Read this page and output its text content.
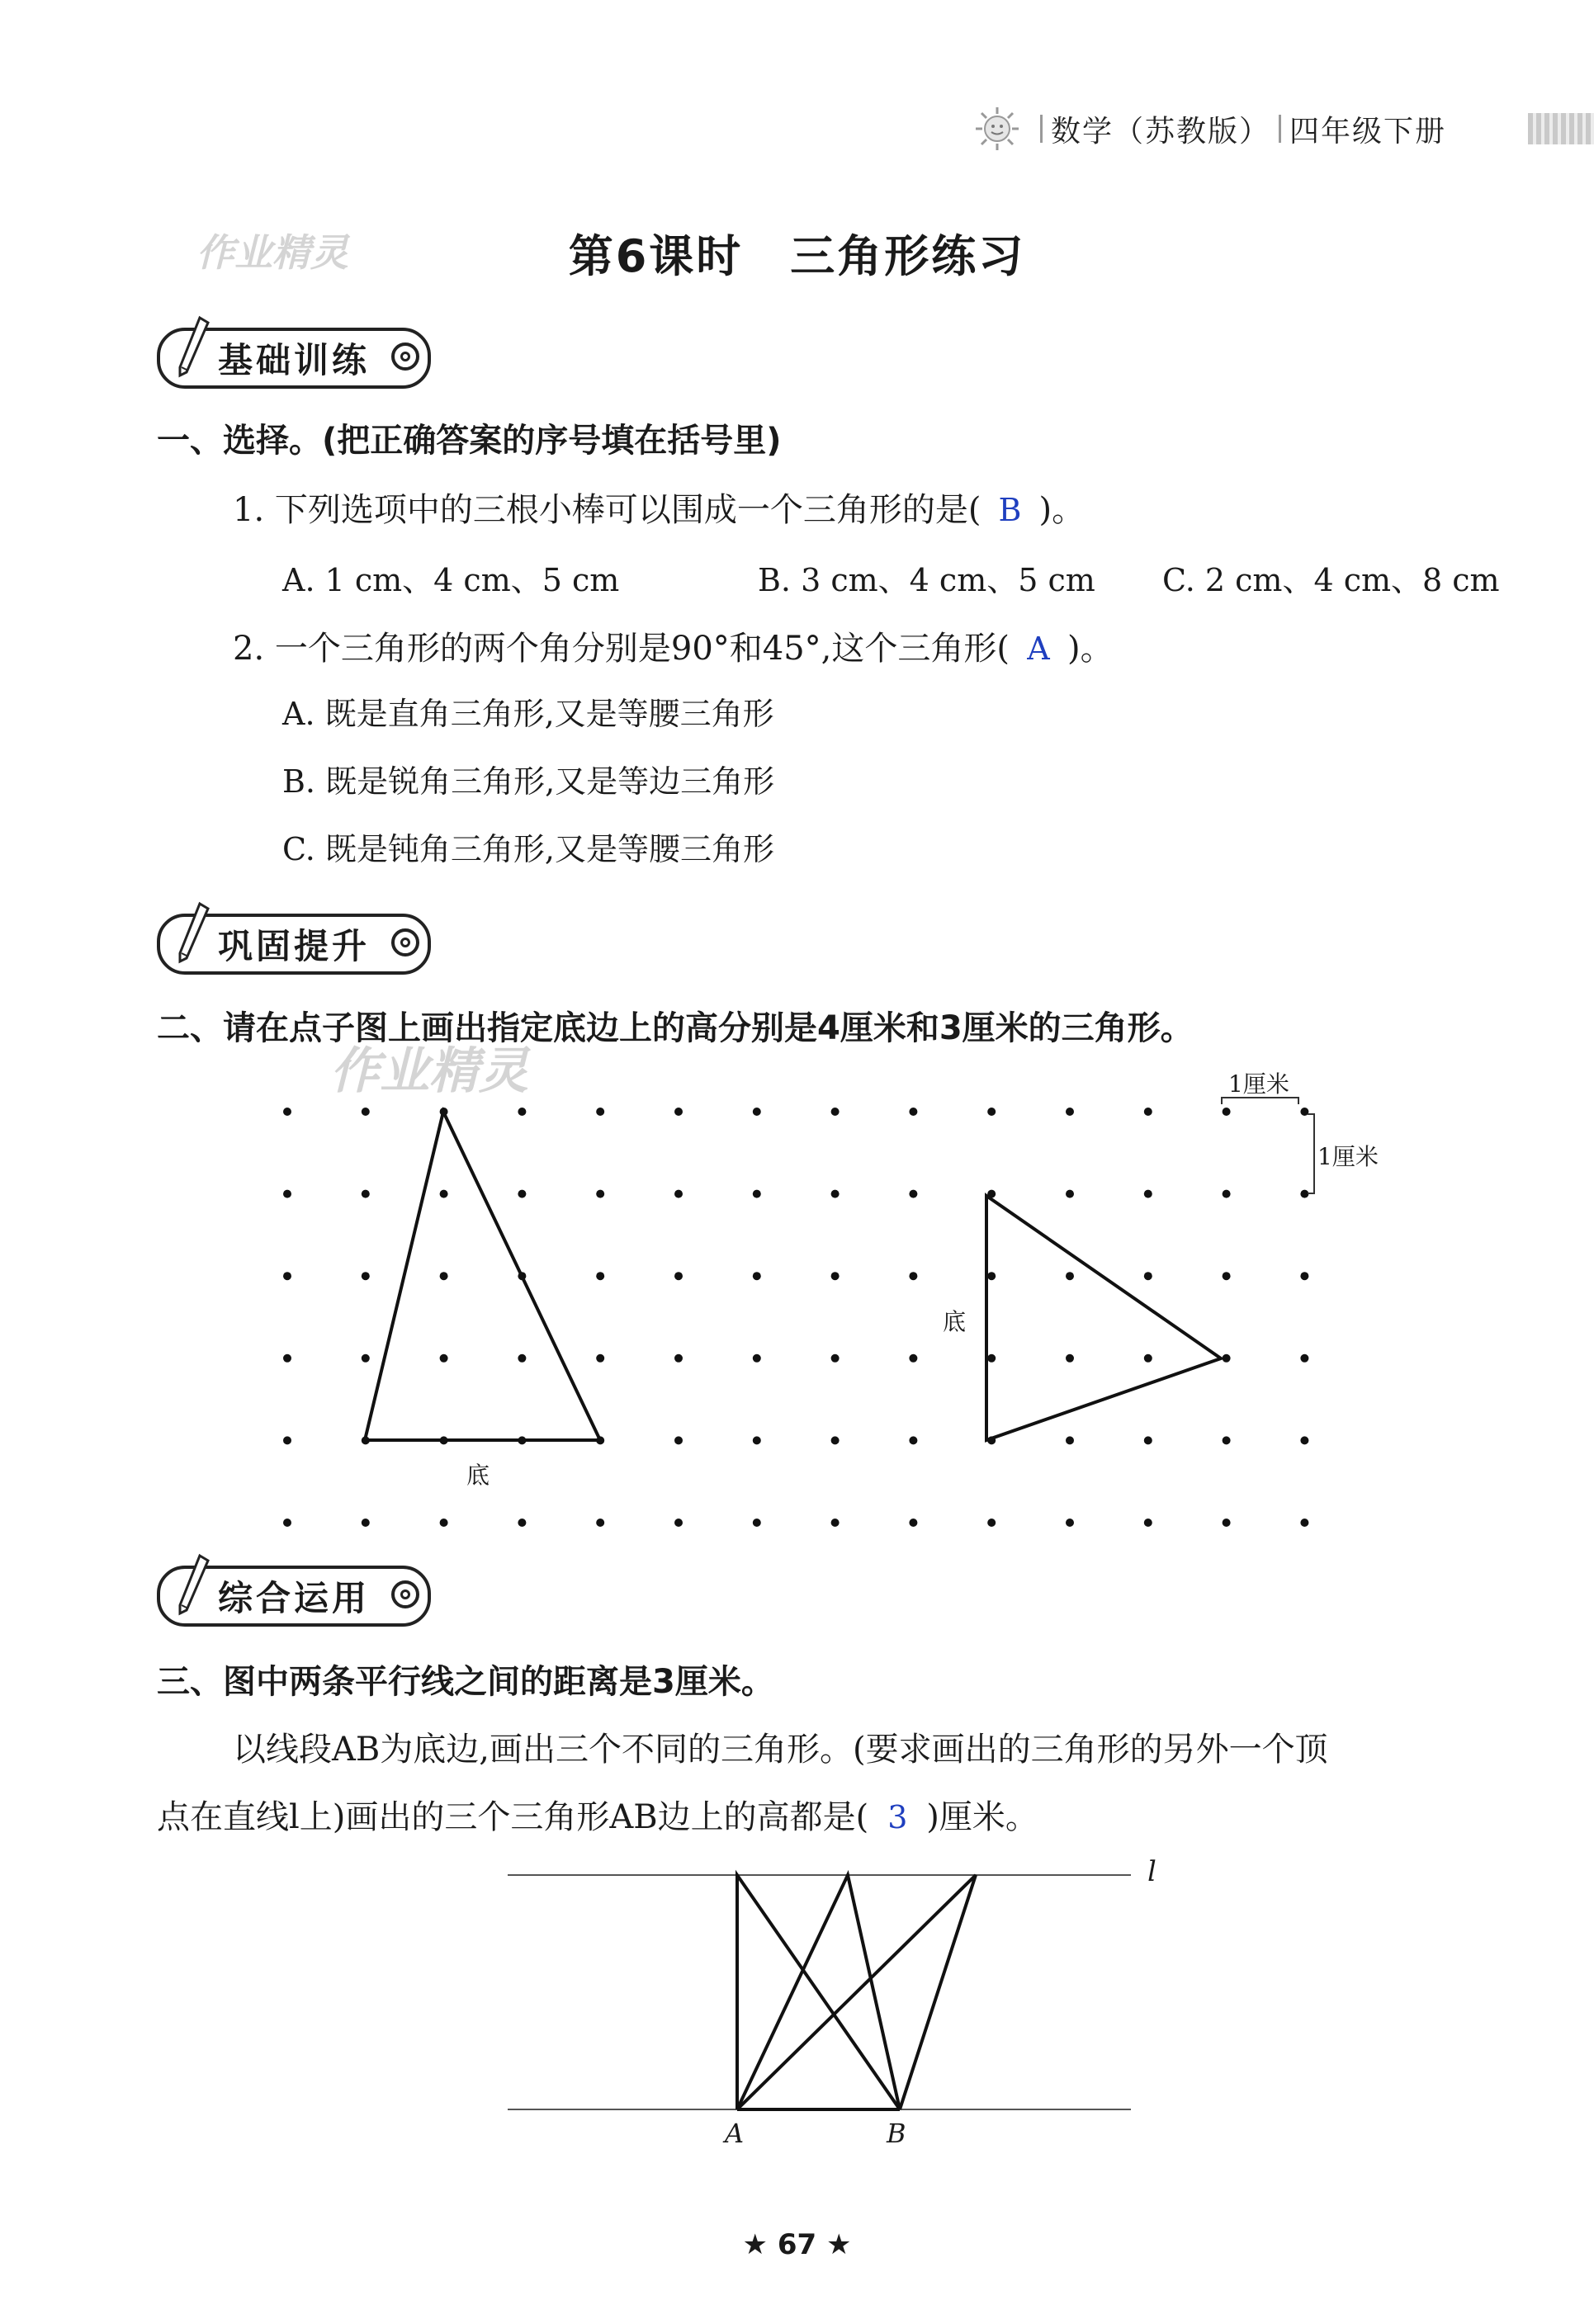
数学（苏教版） 四年级下册
作业精灵	第6课时　三角形练习
基础训练
一、选择。(把正确答案的序号填在括号里)
1. 下列选项中的三根小棒可以围成一个三角形的是( B )。
A. 1 cm、4 cm、5 cm	B. 3 cm、4 cm、5 cm C. 2 cm、4 cm、8 cm
2. 一个三角形的两个角分别是90°和45°,这个三角形( A )。
A. 既是直角三角形,又是等腰三角形
B. 既是锐角三角形,又是等边三角形
C. 既是钝角三角形,又是等腰三角形
巩固提升
二、请在点子图上画出指定底边上的高分别是4厘米和3厘米的三角形。
作业精灵	1厘米
1厘米
底
底
综合运用
三、图中两条平行线之间的距离是3厘米。
以线段AB为底边,画出三个不同的三角形。(要求画出的三角形的另外一个顶
点在直线l上)画出的三个三角形AB边上的高都是( 3 )厘米。
l
A	B
★ 67 ★
